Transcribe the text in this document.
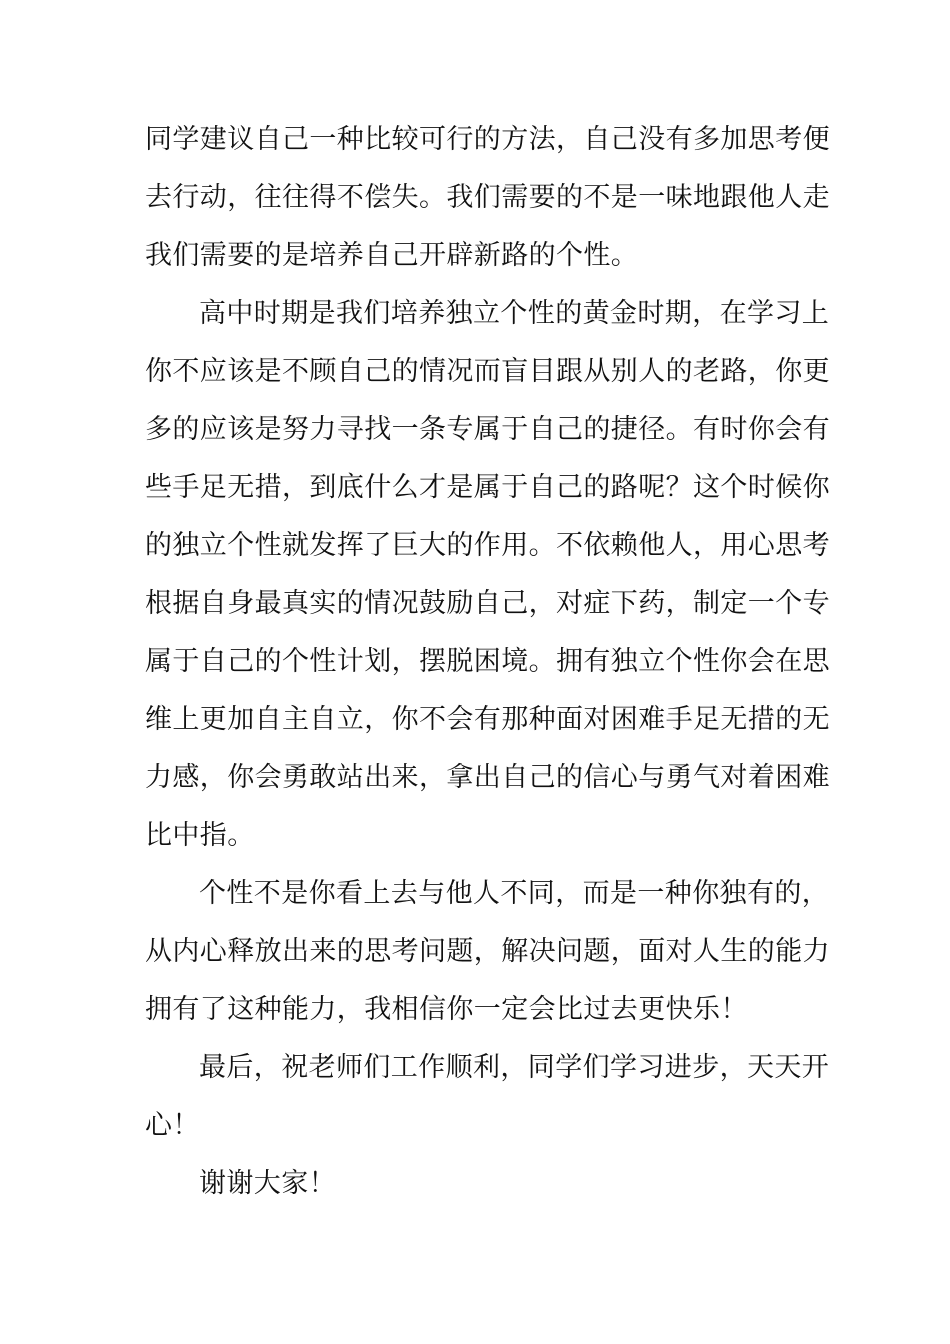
同学建议自己一种比较可行的方法，自己没有多加思考便
去行动，往往得不偿失。我们需要的不是一味地跟他人走
我们需要的是培养自己开辟新路的个性。
高中时期是我们培养独立个性的黄金时期，在学习上
你不应该是不顾自己的情况而盲目跟从别人的老路，你更
多的应该是努力寻找一条专属于自己的捷径。有时你会有
些手足无措，到底什么才是属于自己的路呢？这个时候你
的独立个性就发挥了巨大的作用。不依赖他人，用心思考
根据自身最真实的情况鼓励自己，对症下药，制定一个专
属于自己的个性计划，摆脱困境。拥有独立个性你会在思
维上更加自主自立，你不会有那种面对困难手足无措的无
力感，你会勇敢站出来，拿出自己的信心与勇气对着困难
比中指。
个性不是你看上去与他人不同，而是一种你独有的，
从内心释放出来的思考问题，解决问题，面对人生的能力
拥有了这种能力，我相信你一定会比过去更快乐！
最后，祝老师们工作顺利，同学们学习进步，天天开
心！
谢谢大家！
